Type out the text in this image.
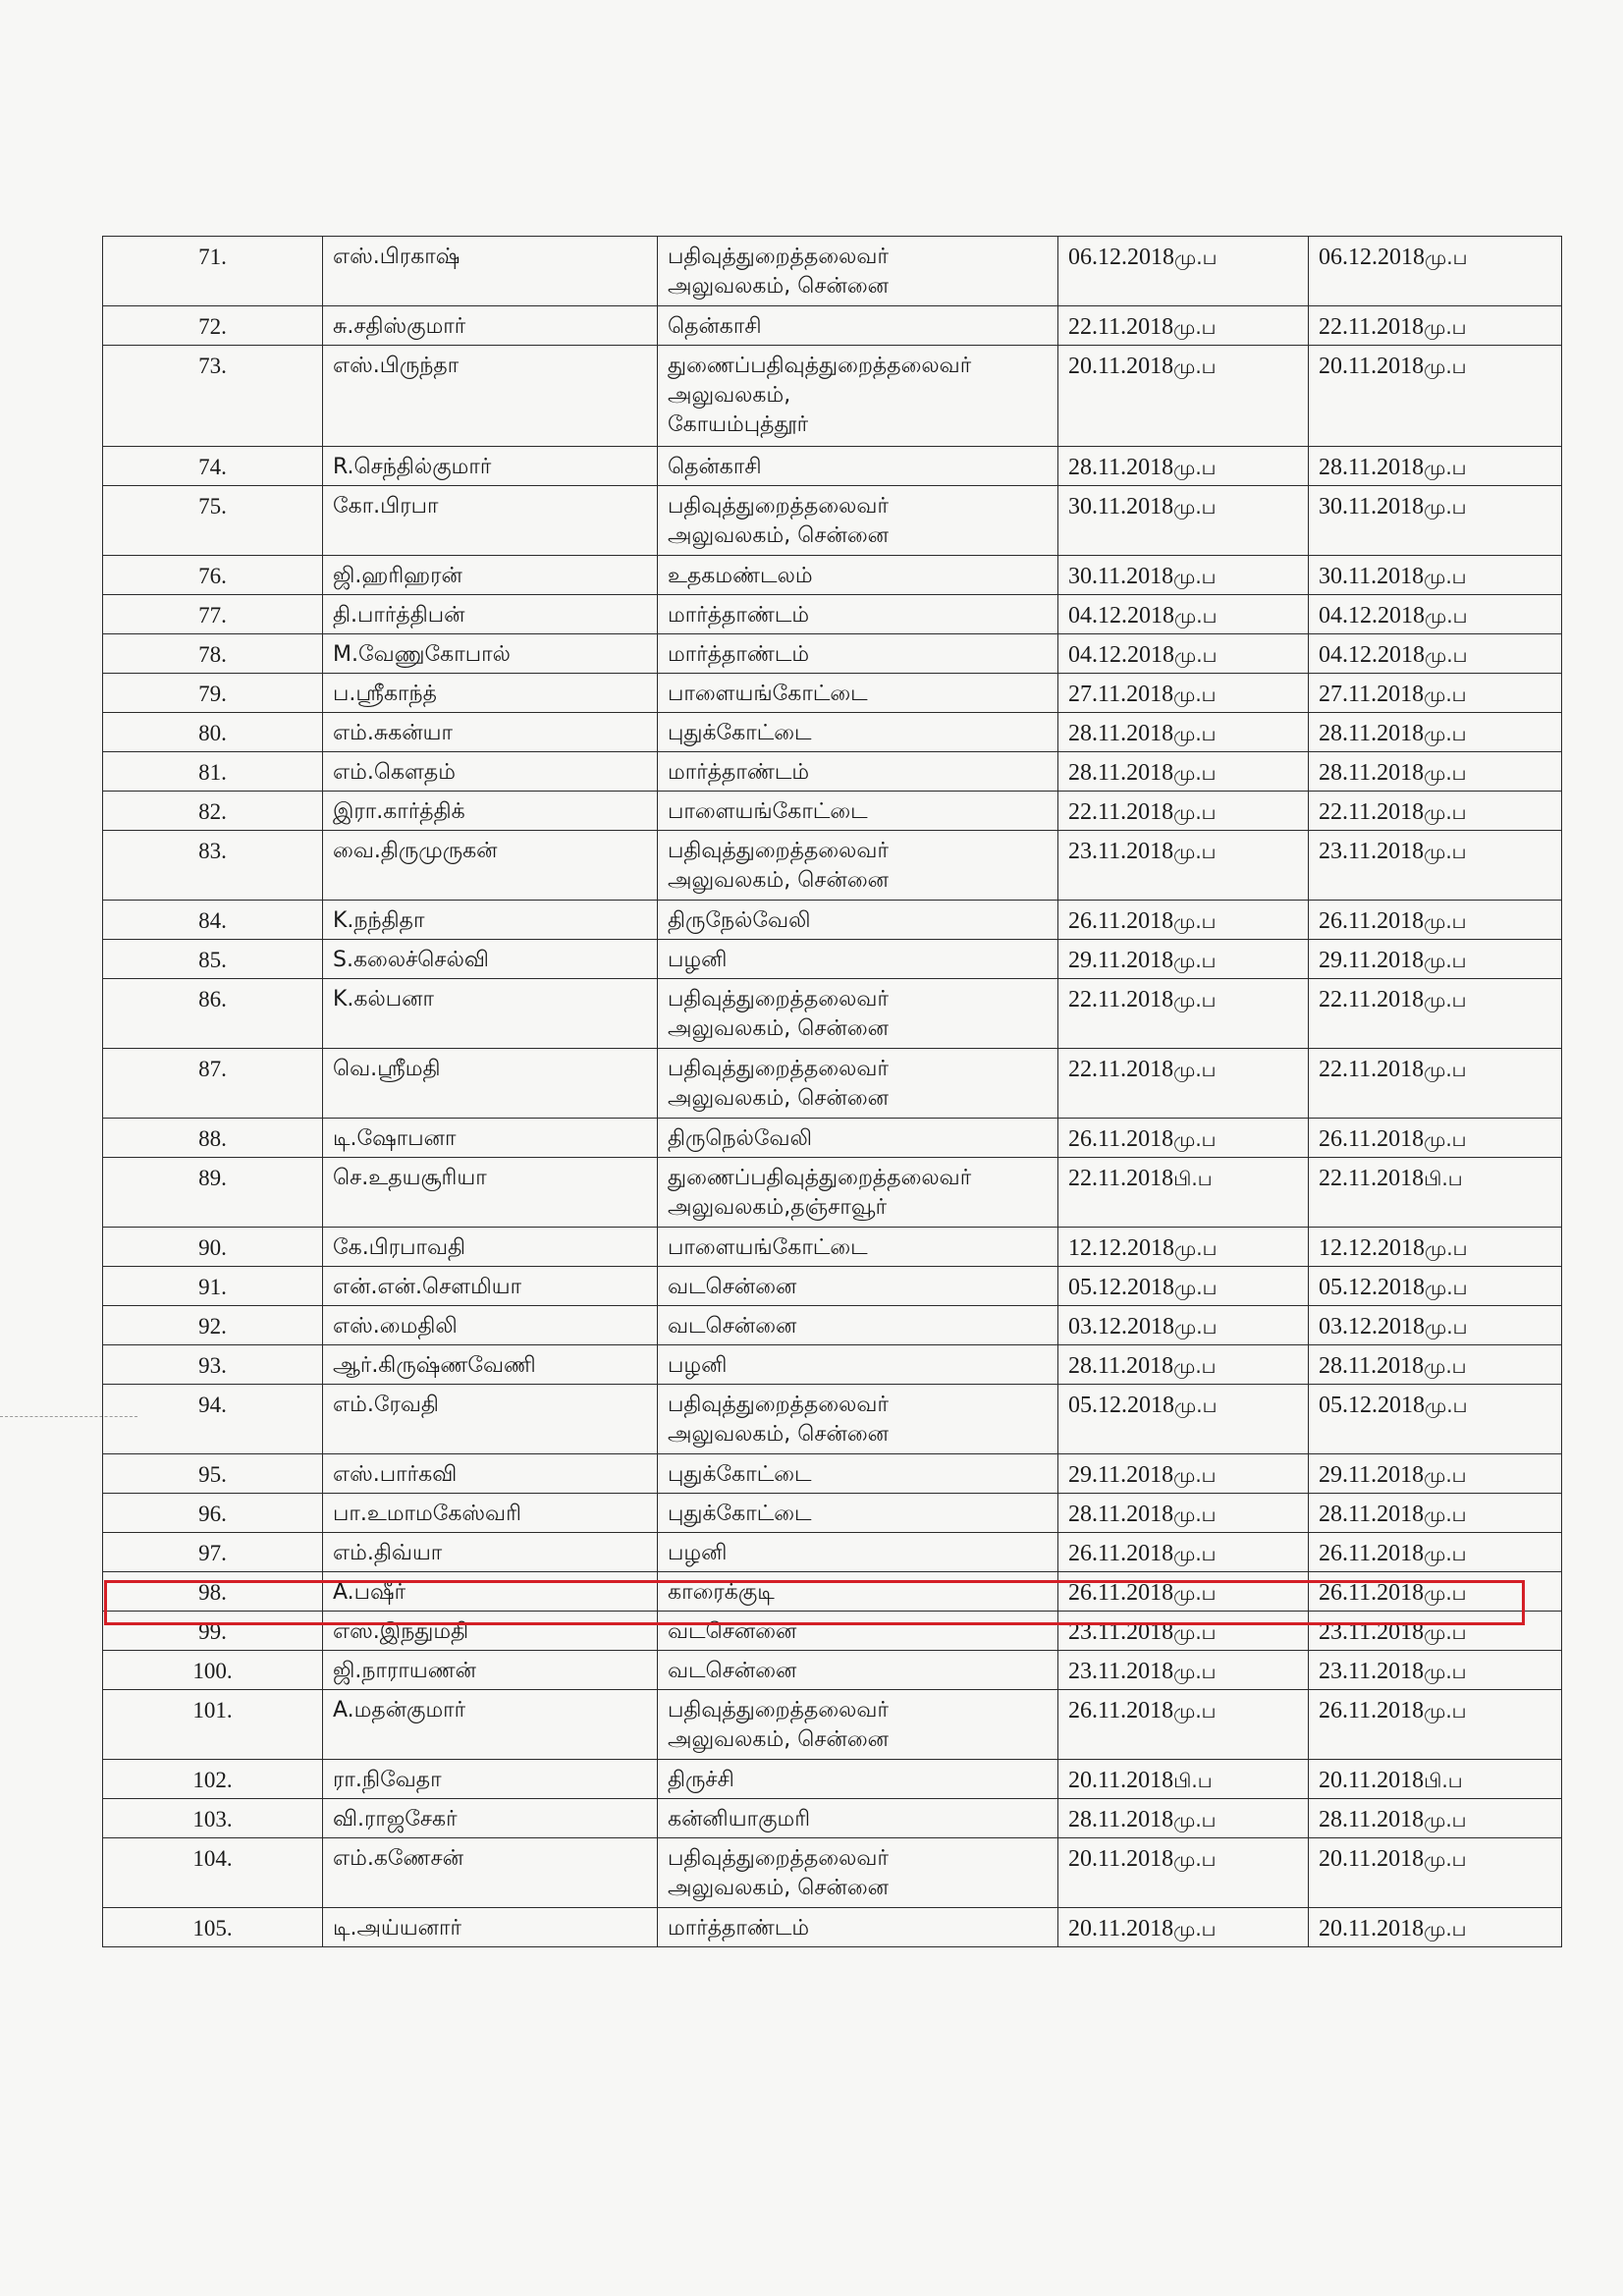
71.	எஸ்.பிரகாஷ்	பதிவுத்துறைத்தலைவர்
அலுவலகம், சென்னை	06.12.2018மு.ப	06.12.2018மு.ப
72.	சு.சதிஸ்குமார்	தென்காசி	22.11.2018மு.ப	22.11.2018மு.ப
73.	எஸ்.பிருந்தா	துணைப்பதிவுத்துறைத்தலைவர்
அலுவலகம்,
கோயம்புத்தூர்	20.11.2018மு.ப	20.11.2018மு.ப
74.	R.செந்தில்குமார்	தென்காசி	28.11.2018மு.ப	28.11.2018மு.ப
75.	கோ.பிரபா	பதிவுத்துறைத்தலைவர்
அலுவலகம், சென்னை	30.11.2018மு.ப	30.11.2018மு.ப
76.	ஜி.ஹரிஹரன்	உதகமண்டலம்	30.11.2018மு.ப	30.11.2018மு.ப
77.	தி.பார்த்திபன்	மார்த்தாண்டம்	04.12.2018மு.ப	04.12.2018மு.ப
78.	M.வேணுகோபால்	மார்த்தாண்டம்	04.12.2018மு.ப	04.12.2018மு.ப
79.	ப.ஸ்ரீகாந்த்	பாளையங்கோட்டை	27.11.2018மு.ப	27.11.2018மு.ப
80.	எம்.சுகன்யா	புதுக்கோட்டை	28.11.2018மு.ப	28.11.2018மு.ப
81.	எம்.கௌதம்	மார்த்தாண்டம்	28.11.2018மு.ப	28.11.2018மு.ப
82.	இரா.கார்த்திக்	பாளையங்கோட்டை	22.11.2018மு.ப	22.11.2018மு.ப
83.	வை.திருமுருகன்	பதிவுத்துறைத்தலைவர்
அலுவலகம், சென்னை	23.11.2018மு.ப	23.11.2018மு.ப
84.	K.நந்திதா	திருநேல்வேலி	26.11.2018மு.ப	26.11.2018மு.ப
85.	S.கலைச்செல்வி	பழனி	29.11.2018மு.ப	29.11.2018மு.ப
86.	K.கல்பனா	பதிவுத்துறைத்தலைவர்
அலுவலகம், சென்னை	22.11.2018மு.ப	22.11.2018மு.ப
87.	வெ.ஸ்ரீமதி	பதிவுத்துறைத்தலைவர்
அலுவலகம், சென்னை	22.11.2018மு.ப	22.11.2018மு.ப
88.	டி.ஷோபனா	திருநெல்வேலி	26.11.2018மு.ப	26.11.2018மு.ப
89.	செ.உதயசூரியா	துணைப்பதிவுத்துறைத்தலைவர்
அலுவலகம்,தஞ்சாவூர்	22.11.2018பி.ப	22.11.2018பி.ப
90.	கே.பிரபாவதி	பாளையங்கோட்டை	12.12.2018மு.ப	12.12.2018மு.ப
91.	என்.என்.சௌமியா	வடசென்னை	05.12.2018மு.ப	05.12.2018மு.ப
92.	எஸ்.மைதிலி	வடசென்னை	03.12.2018மு.ப	03.12.2018மு.ப
93.	ஆர்.கிருஷ்ணவேணி	பழனி	28.11.2018மு.ப	28.11.2018மு.ப
94.	எம்.ரேவதி	பதிவுத்துறைத்தலைவர்
அலுவலகம், சென்னை	05.12.2018மு.ப	05.12.2018மு.ப
95.	எஸ்.பார்கவி	புதுக்கோட்டை	29.11.2018மு.ப	29.11.2018மு.ப
96.	பா.உமாமகேஸ்வரி	புதுக்கோட்டை	28.11.2018மு.ப	28.11.2018மு.ப
97.	எம்.திவ்யா	பழனி	26.11.2018மு.ப	26.11.2018மு.ப
98.	A.பஷீர்	காரைக்குடி	26.11.2018மு.ப	26.11.2018மு.ப
99.	எஸ்.இந்துமதி	வடசென்னை	23.11.2018மு.ப	23.11.2018மு.ப
100.	ஜி.நாராயணன்	வடசென்னை	23.11.2018மு.ப	23.11.2018மு.ப
101.	A.மதன்குமார்	பதிவுத்துறைத்தலைவர்
அலுவலகம், சென்னை	26.11.2018மு.ப	26.11.2018மு.ப
102.	ரா.நிவேதா	திருச்சி	20.11.2018பி.ப	20.11.2018பி.ப
103.	வி.ராஜசேகர்	கன்னியாகுமரி	28.11.2018மு.ப	28.11.2018மு.ப
104.	எம்.கணேசன்	பதிவுத்துறைத்தலைவர்
அலுவலகம், சென்னை	20.11.2018மு.ப	20.11.2018மு.ப
105.	டி.அய்யனார்	மார்த்தாண்டம்	20.11.2018மு.ப	20.11.2018மு.ப
